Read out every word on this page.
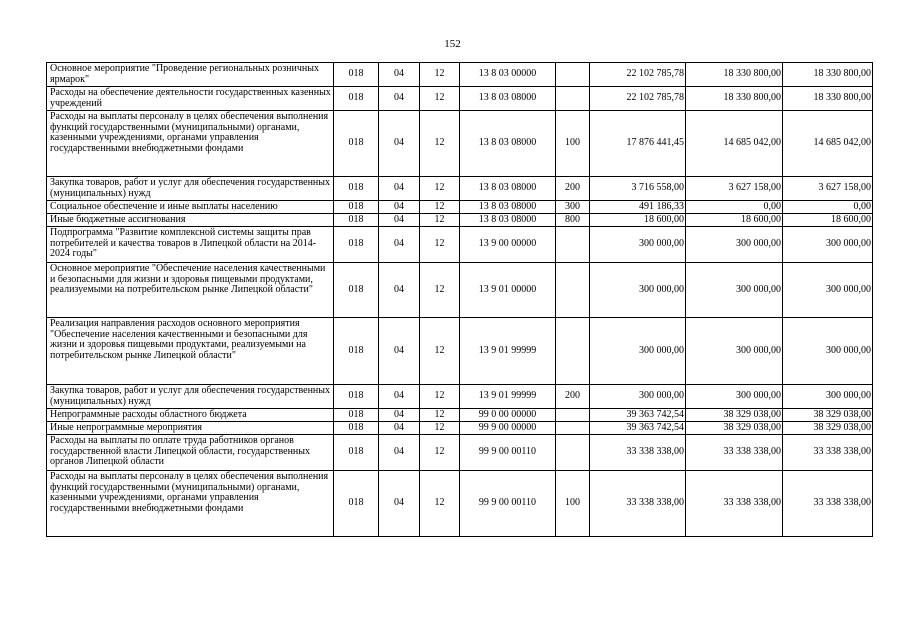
152
Основное мероприятие "Проведение региональных розничных ярмарок"	018	04	12	13 8 03 00000		22 102 785,78	18 330 800,00	18 330 800,00
Расходы на обеспечение деятельности государственных казенных учреждений	018	04	12	13 8 03 08000		22 102 785,78	18 330 800,00	18 330 800,00
Расходы на выплаты персоналу в целях обеспечения выполнения функций государственными (муниципальными) органами, казенными учреждениями, органами управления государственными внебюджетными фондами	018	04	12	13 8 03 08000	100	17 876 441,45	14 685 042,00	14 685 042,00
Закупка товаров, работ и услуг для обеспечения государственных (муниципальных) нужд	018	04	12	13 8 03 08000	200	3 716 558,00	3 627 158,00	3 627 158,00
Социальное обеспечение и иные выплаты населению	018	04	12	13 8 03 08000	300	491 186,33	0,00	0,00
Иные бюджетные ассигнования	018	04	12	13 8 03 08000	800	18 600,00	18 600,00	18 600,00
Подпрограмма "Развитие комплексной системы защиты прав потребителей и качества товаров в Липецкой области на 2014-2024 годы"	018	04	12	13 9 00 00000		300 000,00	300 000,00	300 000,00
Основное мероприятие "Обеспечение населения качественными и безопасными для жизни и здоровья пищевыми продуктами, реализуемыми на потребительском рынке Липецкой области"	018	04	12	13 9 01 00000		300 000,00	300 000,00	300 000,00
Реализация направления расходов основного мероприятия "Обеспечение населения качественными и безопасными для жизни и здоровья пищевыми продуктами, реализуемыми на потребительском рынке Липецкой области"	018	04	12	13 9 01 99999		300 000,00	300 000,00	300 000,00
Закупка товаров, работ и услуг для обеспечения государственных (муниципальных) нужд	018	04	12	13 9 01 99999	200	300 000,00	300 000,00	300 000,00
Непрограммные расходы областного бюджета	018	04	12	99 0 00 00000		39 363 742,54	38 329 038,00	38 329 038,00
Иные непрограммные мероприятия	018	04	12	99 9 00 00000		39 363 742,54	38 329 038,00	38 329 038,00
Расходы на выплаты по оплате труда работников органов государственной власти Липецкой области, государственных органов Липецкой области	018	04	12	99 9 00 00110		33 338 338,00	33 338 338,00	33 338 338,00
Расходы на выплаты персоналу в целях обеспечения выполнения функций государственными (муниципальными) органами, казенными учреждениями, органами управления государственными внебюджетными фондами	018	04	12	99 9 00 00110	100	33 338 338,00	33 338 338,00	33 338 338,00
